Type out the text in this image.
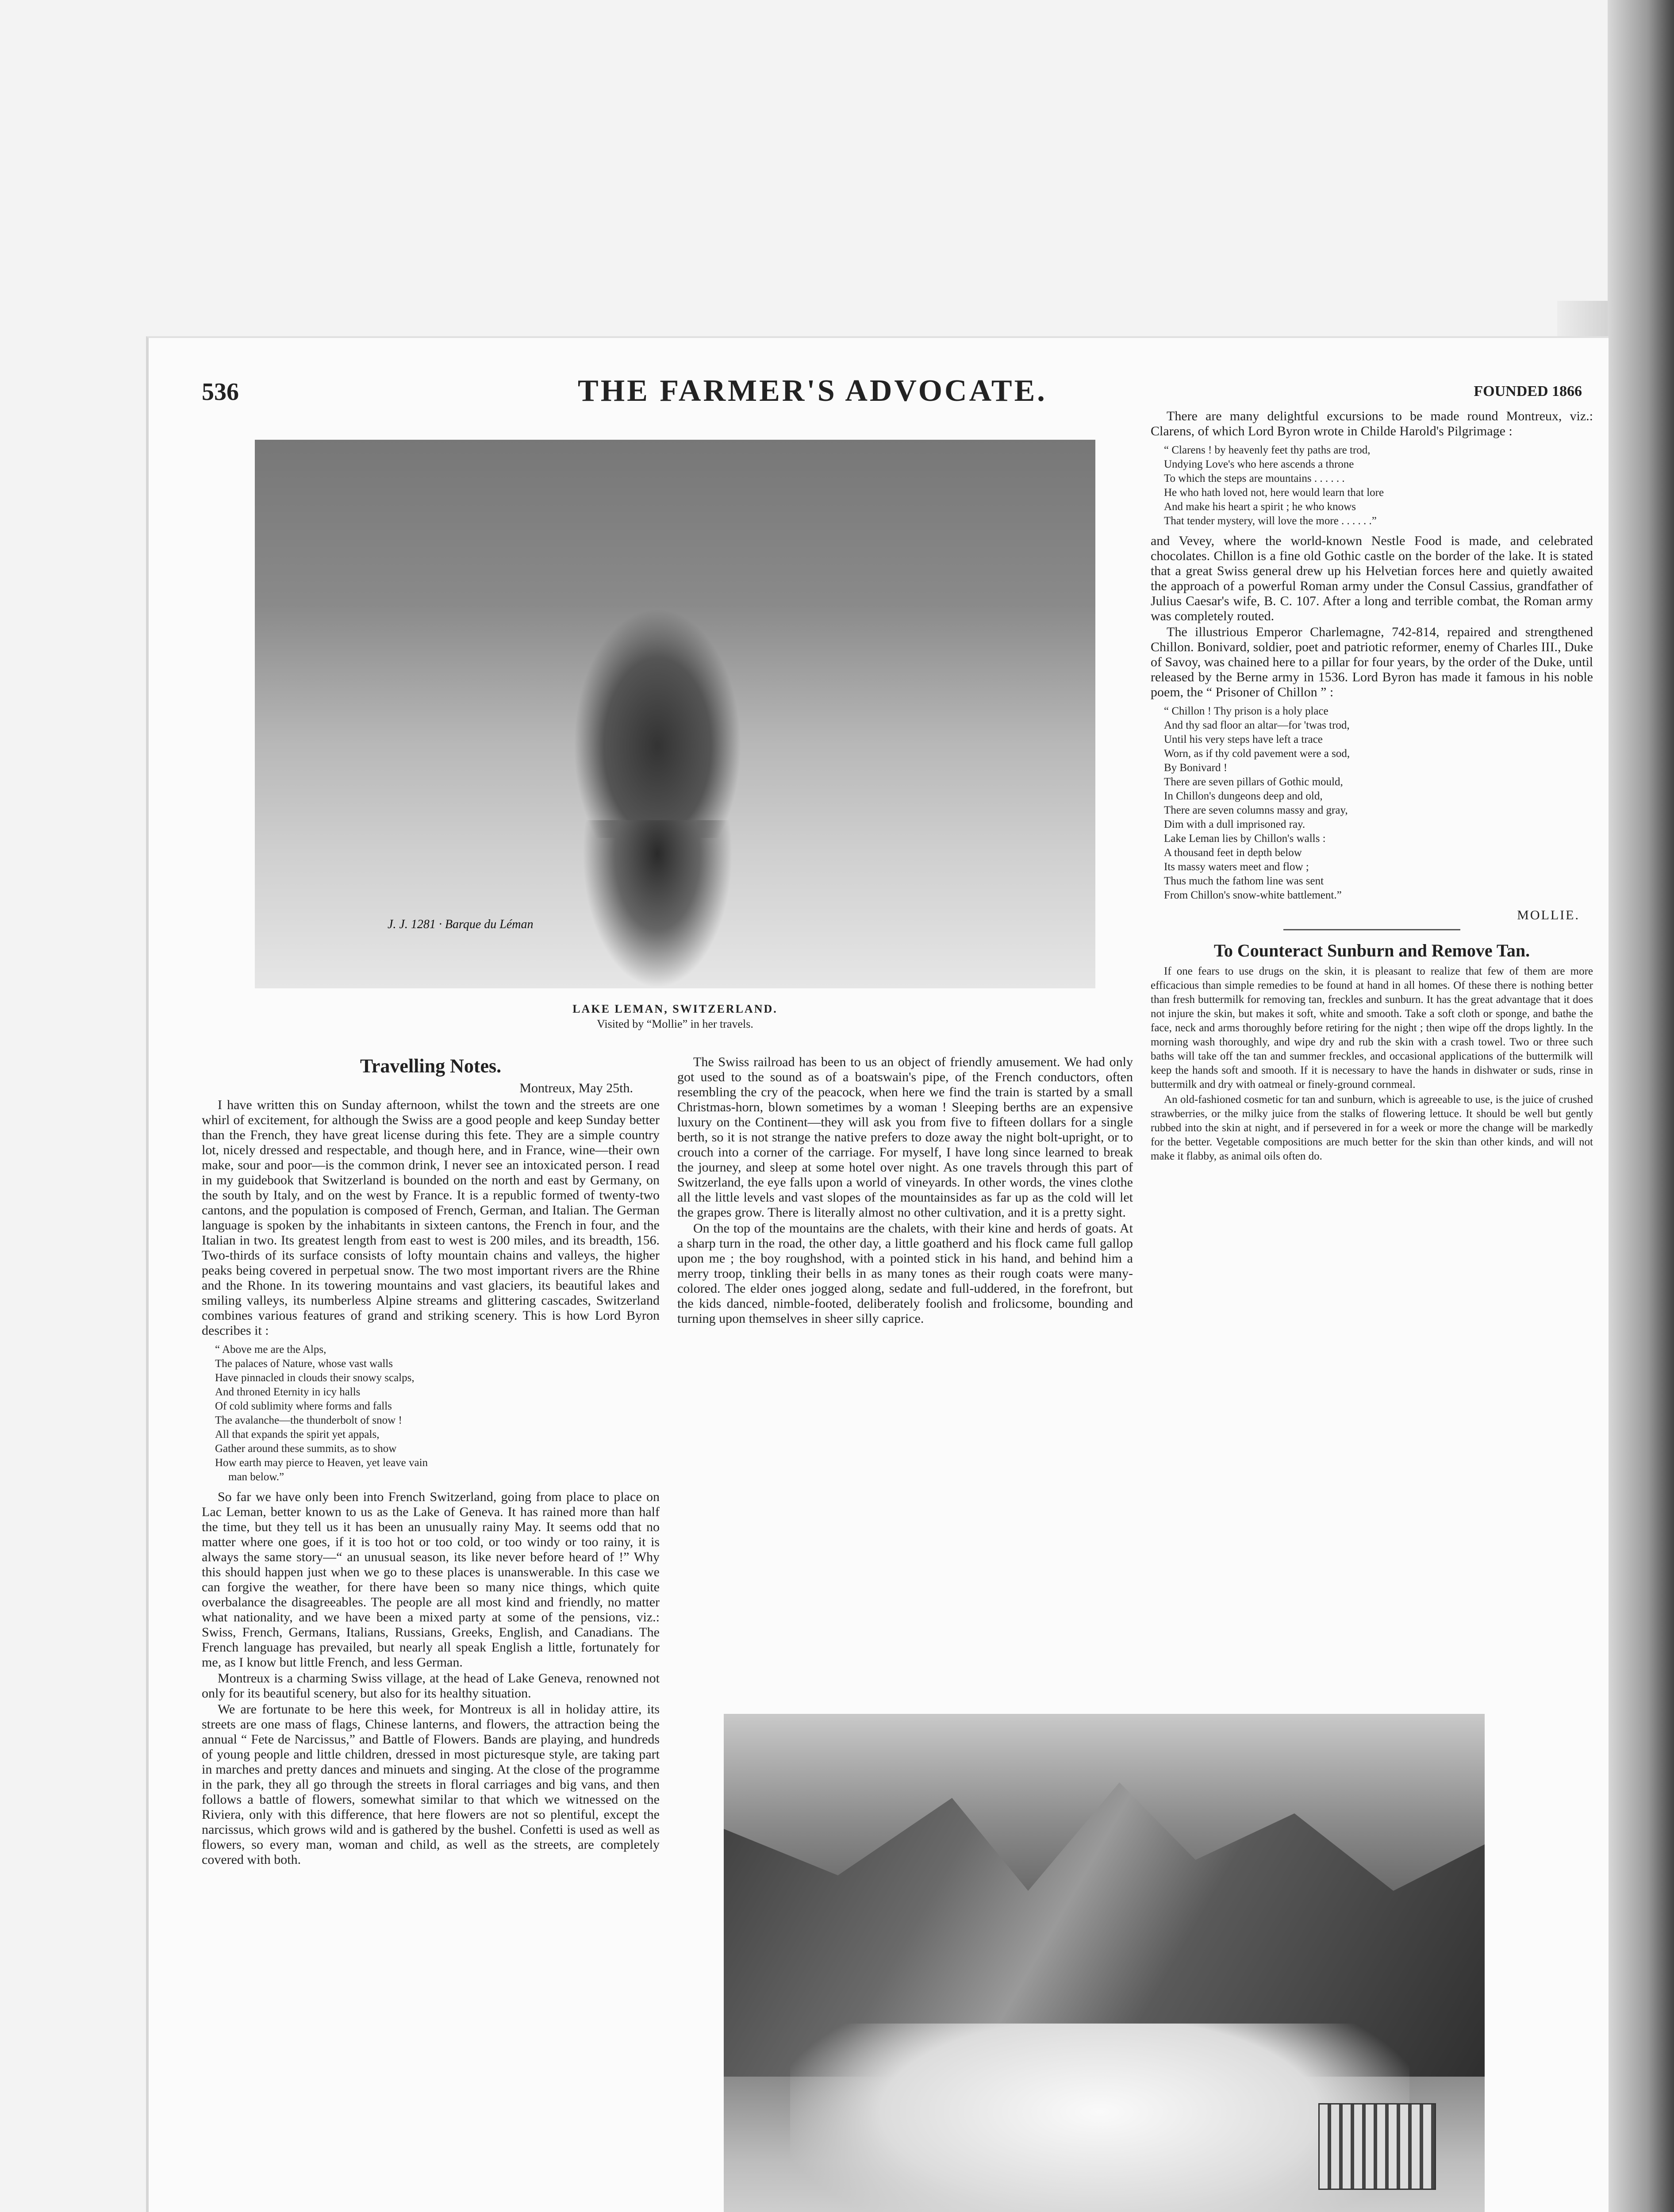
536	THE FARMER'S ADVOCATE.	FOUNDED 1866
J. J. 1281 · Barque du Léman
LAKE LEMAN, SWITZERLAND.
Visited by “Mollie” in her travels.
Travelling Notes.
Montreux, May 25th.

I have written this on Sunday afternoon, whilst the town and the streets are one whirl of excitement, for although the Swiss are a good people and keep Sunday better than the French, they have great license during this fete. They are a simple country lot, nicely dressed and respectable, and though here, and in France, wine—their own make, sour and poor—is the common drink, I never see an intoxicated person. I read in my guidebook that Switzerland is bounded on the north and east by Germany, on the south by Italy, and on the west by France. It is a republic formed of twenty-two cantons, and the population is composed of French, German, and Italian. The German language is spoken by the inhabitants in sixteen cantons, the French in four, and the Italian in two. Its greatest length from east to west is 200 miles, and its breadth, 156. Two-thirds of its surface consists of lofty mountain chains and valleys, the higher peaks being covered in perpetual snow. The two most important rivers are the Rhine and the Rhone. In its towering mountains and vast glaciers, its beautiful lakes and smiling valleys, its numberless Alpine streams and glittering cascades, Switzerland combines various features of grand and striking scenery. This is how Lord Byron describes it :

“ Above me are the Alps,
The palaces of Nature, whose vast walls
Have pinnacled in clouds their snowy scalps,
And throned Eternity in icy halls
Of cold sublimity where forms and falls
The avalanche—the thunderbolt of snow !
All that expands the spirit yet appals,
Gather around these summits, as to show
How earth may pierce to Heaven, yet leave vain
man below.”

So far we have only been into French Switzerland, going from place to place on Lac Leman, better known to us as the Lake of Geneva. It has rained more than half the time, but they tell us it has been an unusually rainy May. It seems odd that no matter where one goes, if it is too hot or too cold, or too windy or too rainy, it is always the same story—“ an unusual season, its like never before heard of !” Why this should happen just when we go to these places is unanswerable. In this case we can forgive the weather, for there have been so many nice things, which quite overbalance the disagreeables. The people are all most kind and friendly, no matter what nationality, and we have been a mixed party at some of the pensions, viz.: Swiss, French, Germans, Italians, Russians, Greeks, English, and Canadians. The French language has prevailed, but nearly all speak English a little, fortunately for me, as I know but little French, and less German.

Montreux is a charming Swiss village, at the head of Lake Geneva, renowned not only for its beautiful scenery, but also for its healthy situation.

We are fortunate to be here this week, for Montreux is all in holiday attire, its streets are one mass of flags, Chinese lanterns, and flowers, the attraction being the annual “ Fete de Narcissus,” and Battle of Flowers. Bands are playing, and hundreds of young people and little children, dressed in most picturesque style, are taking part in marches and pretty dances and minuets and singing. At the close of the programme in the park, they all go through the streets in floral carriages and big vans, and then follows a battle of flowers, somewhat similar to that which we witnessed on the Riviera, only with this difference, that here flowers are not so plentiful, except the narcissus, which grows wild and is gathered by the bushel. Confetti is used as well as flowers, so every man, woman and child, as well as the streets, are completely covered with both.

The Swiss railroad has been to us an object of friendly amusement. We had only got used to the sound as of a boatswain's pipe, of the French conductors, often resembling the cry of the peacock, when here we find the train is started by a small Christmas-horn, blown sometimes by a woman ! Sleeping berths are an expensive luxury on the Continent—they will ask you from five to fifteen dollars for a single berth, so it is not strange the native prefers to doze away the night bolt-upright, or to crouch into a corner of the carriage. For myself, I have long since learned to break the journey, and sleep at some hotel over night. As one travels through this part of Switzerland, the eye falls upon a world of vineyards. In other words, the vines clothe all the little levels and vast slopes of the mountainsides as far up as the cold will let the grapes grow. There is literally almost no other cultivation, and it is a pretty sight.

On the top of the mountains are the chalets, with their kine and herds of goats. At a sharp turn in the road, the other day, a little goatherd and his flock came full gallop upon me ; the boy roughshod, with a pointed stick in his hand, and behind him a merry troop, tinkling their bells in as many tones as their rough coats were many-colored. The elder ones jogged along, sedate and full-uddered, in the forefront, but the kids danced, nimble-footed, deliberately foolish and frolicsome, bounding and turning upon themselves in sheer silly caprice.

There are many delightful excursions to be made round Montreux, viz.: Clarens, of which Lord Byron wrote in Childe Harold's Pilgrimage :

“ Clarens ! by heavenly feet thy paths are trod,
Undying Love's who here ascends a throne
To which the steps are mountains . . . . . .
He who hath loved not, here would learn that lore
And make his heart a spirit ; he who knows
That tender mystery, will love the more . . . . . .”

and Vevey, where the world-known Nestle Food is made, and celebrated chocolates. Chillon is a fine old Gothic castle on the border of the lake. It is stated that a great Swiss general drew up his Helvetian forces here and quietly awaited the approach of a powerful Roman army under the Consul Cassius, grandfather of Julius Caesar's wife, B. C. 107. After a long and terrible combat, the Roman army was completely routed.

The illustrious Emperor Charlemagne, 742-814, repaired and strengthened Chillon. Bonivard, soldier, poet and patriotic reformer, enemy of Charles III., Duke of Savoy, was chained here to a pillar for four years, by the order of the Duke, until released by the Berne army in 1536. Lord Byron has made it famous in his noble poem, the “ Prisoner of Chillon ” :

“ Chillon ! Thy prison is a holy place
And thy sad floor an altar—for 'twas trod,
Until his very steps have left a trace
Worn, as if thy cold pavement were a sod,
By Bonivard !
There are seven pillars of Gothic mould,
In Chillon's dungeons deep and old,
There are seven columns massy and gray,
Dim with a dull imprisoned ray.
Lake Leman lies by Chillon's walls :
A thousand feet in depth below
Its massy waters meet and flow ;
Thus much the fathom line was sent
From Chillon's snow-white battlement.”
MOLLIE.
To Counteract Sunburn and Remove Tan.

If one fears to use drugs on the skin, it is pleasant to realize that few of them are more efficacious than simple remedies to be found at hand in all homes. Of these there is nothing better than fresh buttermilk for removing tan, freckles and sunburn. It has the great advantage that it does not injure the skin, but makes it soft, white and smooth. Take a soft cloth or sponge, and bathe the face, neck and arms thoroughly before retiring for the night ; then wipe off the drops lightly. In the morning wash thoroughly, and wipe dry and rub the skin with a crash towel. Two or three such baths will take off the tan and summer freckles, and occasional applications of the buttermilk will keep the hands soft and smooth. If it is necessary to have the hands in dishwater or suds, rinse in buttermilk and dry with oatmeal or finely-ground cornmeal.

An old-fashioned cosmetic for tan and sunburn, which is agreeable to use, is the juice of crushed strawberries, or the milky juice from the stalks of flowering lettuce. It should be well but gently rubbed into the skin at night, and if persevered in for a week or more the change will be markedly for the better. Vegetable compositions are much better for the skin than other kinds, and will not make it flabby, as animal oils often do.
